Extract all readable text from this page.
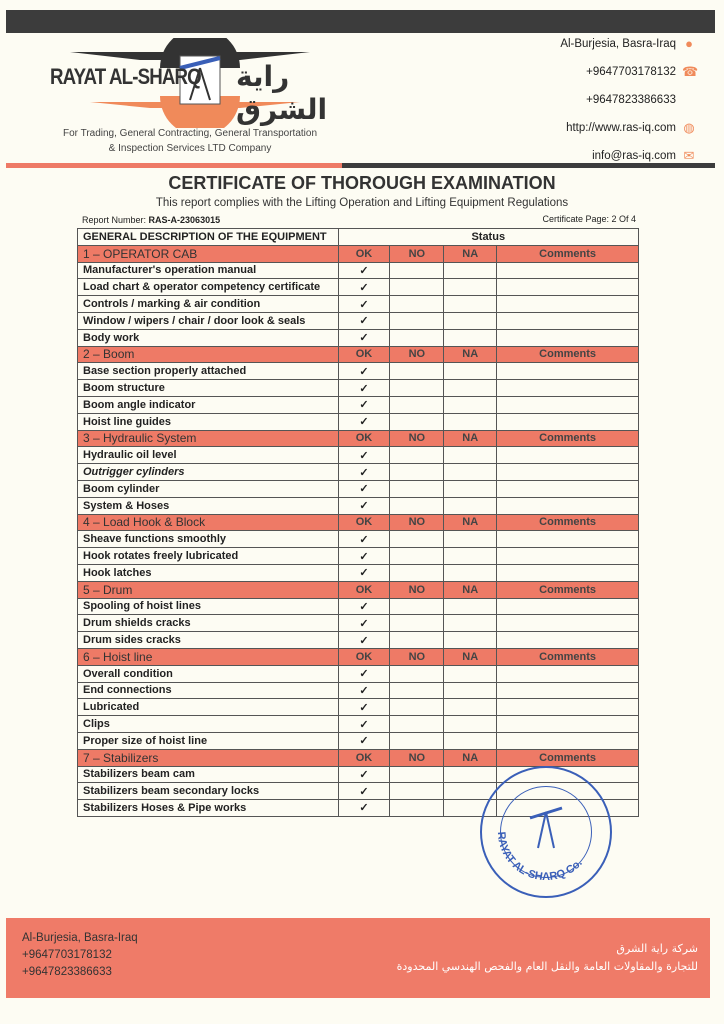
RAYAT AL-SHARQ راية الشرق
For Trading, General Contracting, General Transportation
& Inspection Services LTD Company
Al-Burjesia, Basra-Iraq ●
+9647703178132 ☎
+9647823386633
http://www.ras-iq.com ◍
info@ras-iq.com ✉
CERTIFICATE OF THOROUGH EXAMINATION
This report complies with the Lifting Operation and Lifting Equipment Regulations
Report Number: RAS-A-23063015	Certificate Page: 2 Of 4
GENERAL DESCRIPTION OF THE EQUIPMENT	Status			
1 – OPERATOR CAB	OK	NO	NA	Comments
Manufacturer's operation manual	✓			
Load chart & operator competency certificate	✓			
Controls / marking & air condition	✓			
Window / wipers / chair / door look & seals	✓			
Body work	✓			
2 – Boom	OK	NO	NA	Comments
Base section properly attached	✓			
Boom structure	✓			
Boom angle indicator	✓			
Hoist line guides	✓			
3 – Hydraulic System	OK	NO	NA	Comments
Hydraulic oil level	✓			
Outrigger cylinders	✓			
Boom cylinder	✓			
System & Hoses	✓			
4 – Load Hook & Block	OK	NO	NA	Comments
Sheave functions smoothly	✓			
Hook rotates freely lubricated	✓			
Hook latches	✓			
5 – Drum	OK	NO	NA	Comments
Spooling of hoist lines	✓			
Drum shields cracks	✓			
Drum sides cracks	✓			
6 – Hoist line	OK	NO	NA	Comments
Overall condition	✓			
End connections	✓			
Lubricated	✓			
Clips	✓			
Proper size of hoist line	✓			
7 – Stabilizers	OK	NO	NA	Comments
Stabilizers beam cam	✓			
Stabilizers beam secondary locks	✓			
Stabilizers Hoses & Pipe works	✓			
RAYAT AL-SHARQ Co.
Al-Burjesia, Basra-Iraq
+9647703178132
+9647823386633
شركة راية الشرق
للتجارة والمقاولات العامة والنقل العام والفحص الهندسي المحدودة
